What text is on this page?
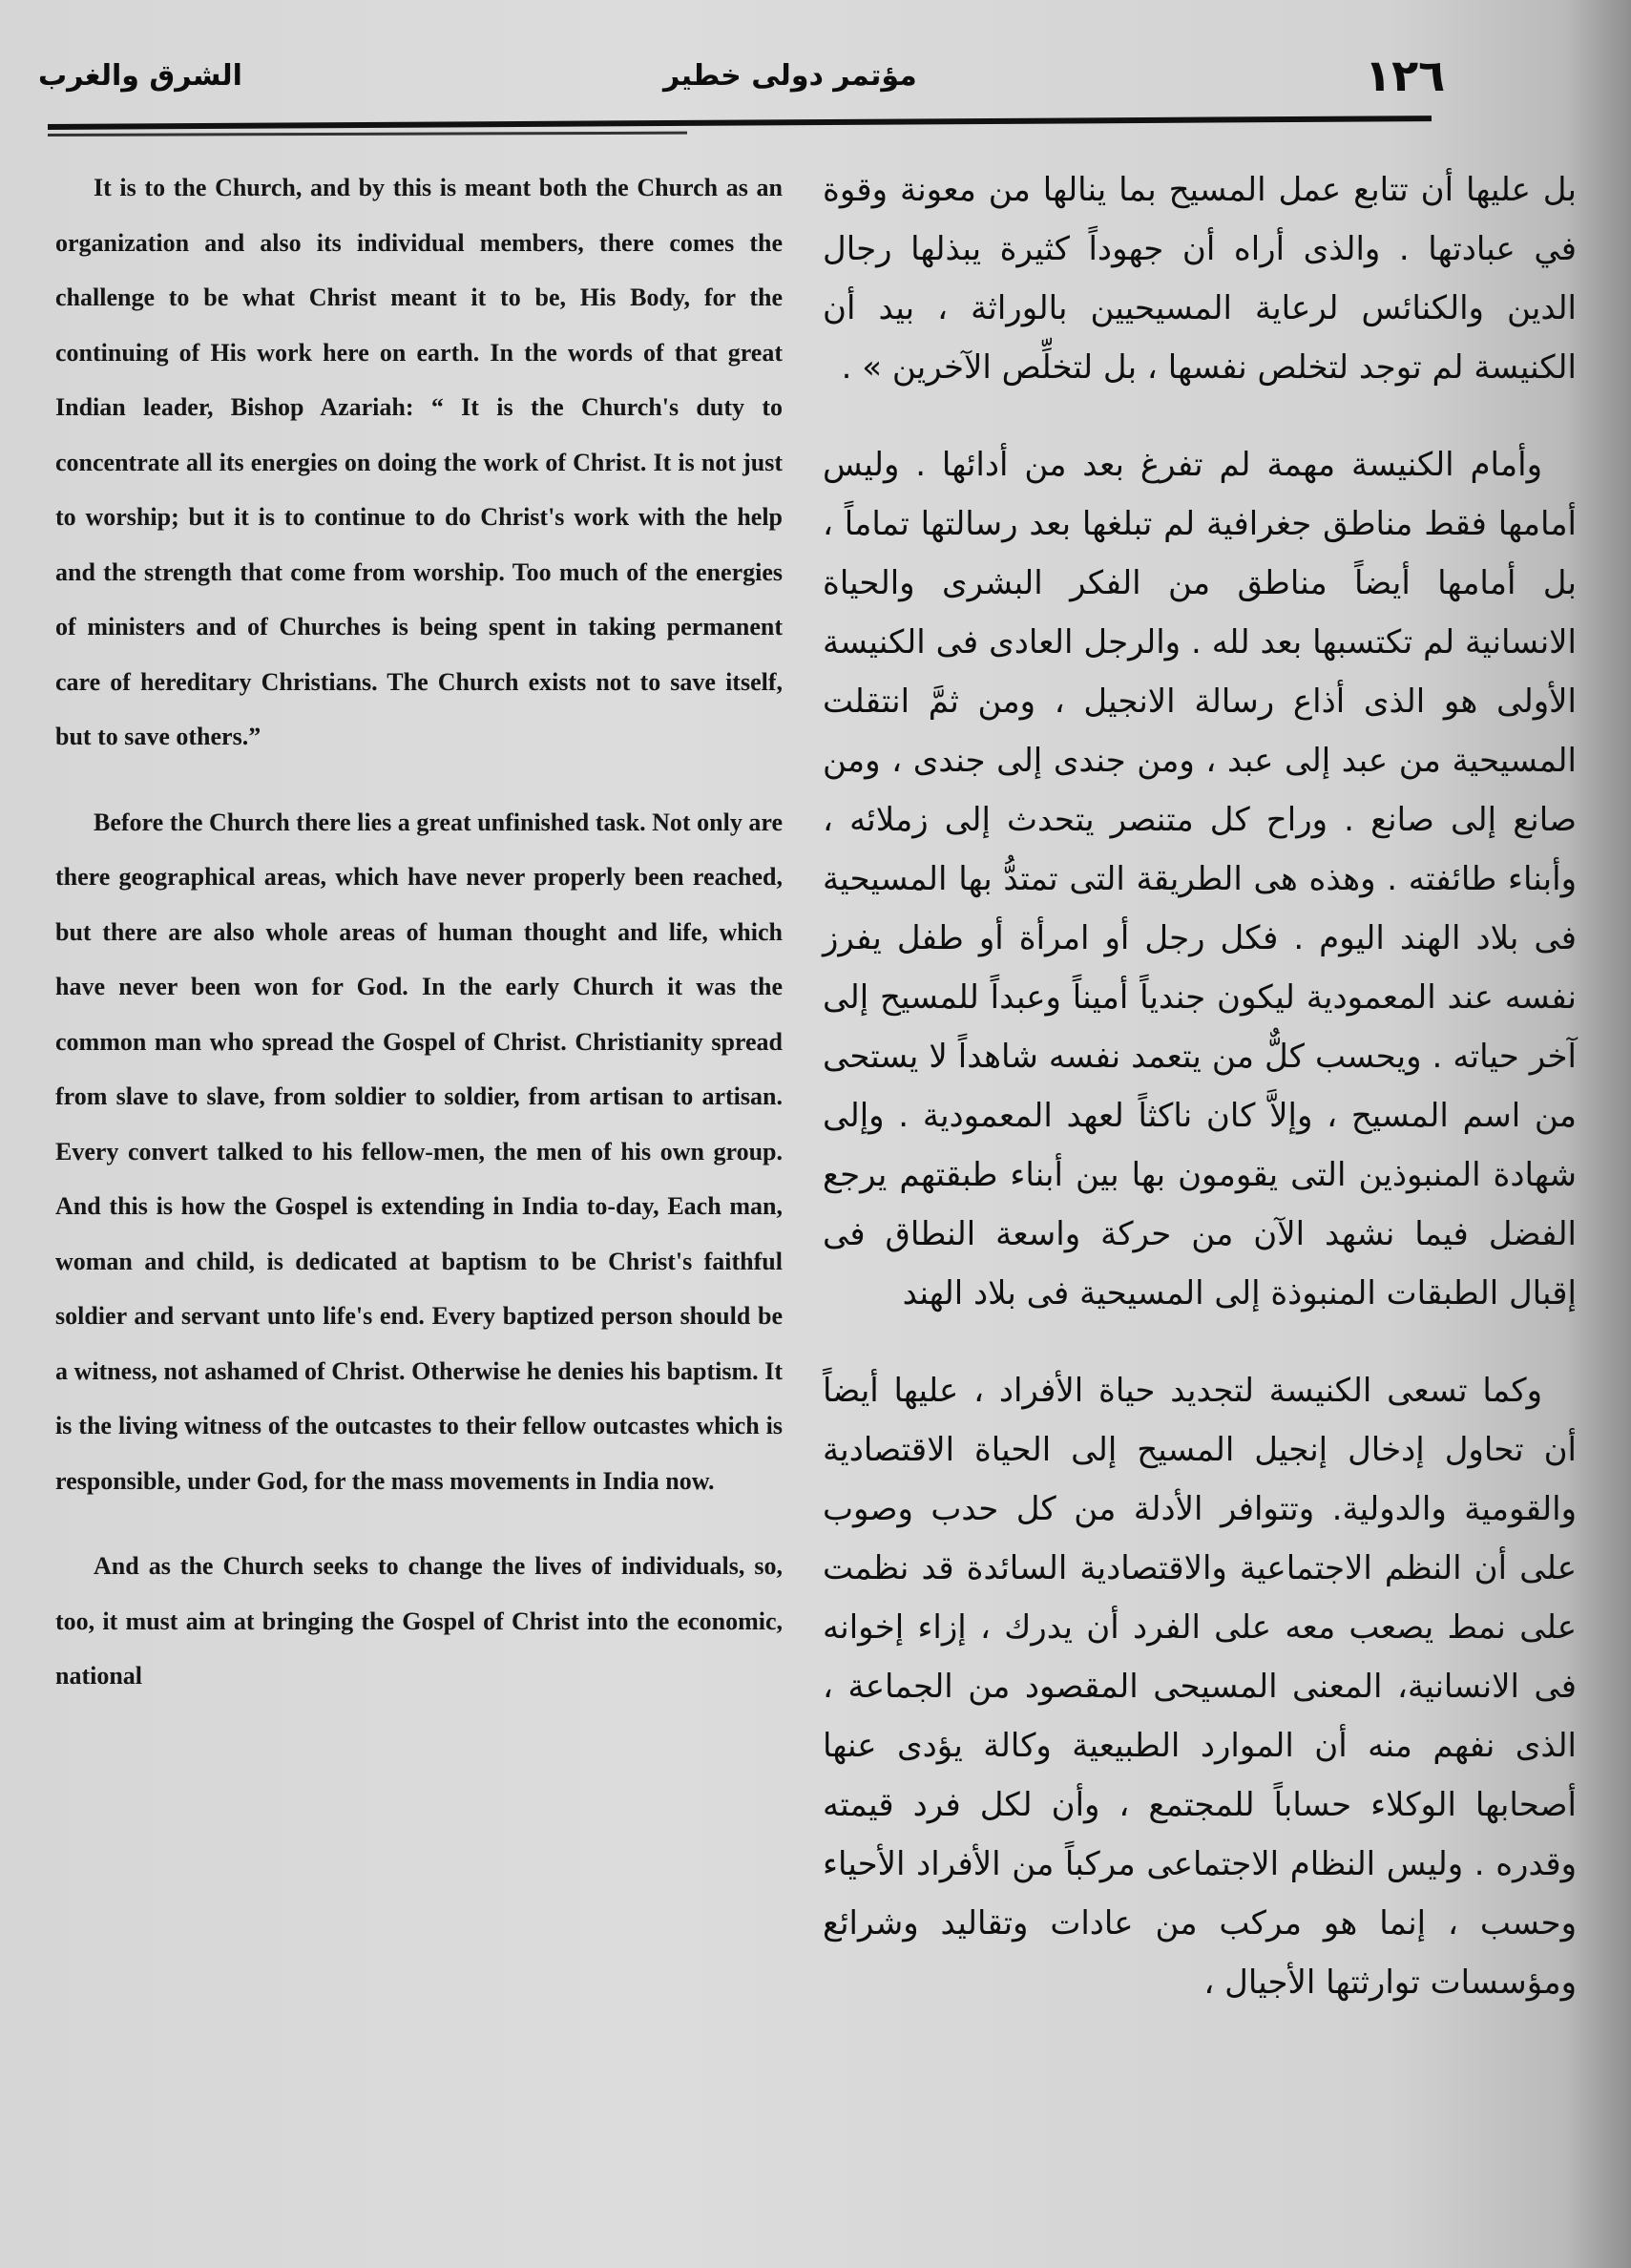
الشرق والغرب	مؤتمر دولى خطير	١٢٦

It is to the Church, and by this is meant both the Church as an organization and also its individual members, there comes the challenge to be what Christ meant it to be, His Body, for the continuing of His work here on earth. In the words of that great Indian leader, Bishop Azariah: “ It is the Church's duty to concentrate all its energies on doing the work of Christ. It is not just to worship; but it is to continue to do Christ's work with the help and the strength that come from worship. Too much of the energies of ministers and of Churches is being spent in taking permanent care of hereditary Christians. The Church exists not to save itself, but to save others.”

Before the Church there lies a great unfinished task. Not only are there geographical areas, which have never properly been reached, but there are also whole areas of human thought and life, which have never been won for God. In the early Church it was the common man who spread the Gospel of Christ. Christianity spread from slave to slave, from soldier to soldier, from artisan to artisan. Every convert talked to his fellow-men, the men of his own group. And this is how the Gospel is extending in India to-day, Each man, woman and child, is dedicated at baptism to be Christ's faithful soldier and servant unto life's end. Every baptized person should be a witness, not ashamed of Christ. Otherwise he denies his baptism. It is the living witness of the outcastes to their fellow outcastes which is responsible, under God, for the mass movements in India now.

And as the Church seeks to change the lives of individuals, so, too, it must aim at bringing the Gospel of Christ into the economic, national

بل عليها أن تتابع عمل المسيح بما ينالها من معونة وقوة في عبادتها . والذى أراه أن جهوداً كثيرة يبذلها رجال الدين والكنائس لرعاية المسيحيين بالوراثة ، بيد أن الكنيسة لم توجد لتخلص نفسها ، بل لتخلِّص الآخرين » .

وأمام الكنيسة مهمة لم تفرغ بعد من أدائها . وليس أمامها فقط مناطق جغرافية لم تبلغها بعد رسالتها تماماً ، بل أمامها أيضاً مناطق من الفكر البشرى والحياة الانسانية لم تكتسبها بعد لله . والرجل العادى فى الكنيسة الأولى هو الذى أذاع رسالة الانجيل ، ومن ثمَّ انتقلت المسيحية من عبد إلى عبد ، ومن جندى إلى جندى ، ومن صانع إلى صانع . وراح كل متنصر يتحدث إلى زملائه ، وأبناء طائفته . وهذه هى الطريقة التى تمتدُّ بها المسيحية فى بلاد الهند اليوم . فكل رجل أو امرأة أو طفل يفرز نفسه عند المعمودية ليكون جندياً أميناً وعبداً للمسيح إلى آخر حياته . ويحسب كلٌّ من يتعمد نفسه شاهداً لا يستحى من اسم المسيح ، وإلاَّ كان ناكثاً لعهد المعمودية . وإلى شهادة المنبوذين التى يقومون بها بين أبناء طبقتهم يرجع الفضل فيما نشهد الآن من حركة واسعة النطاق فى إقبال الطبقات المنبوذة إلى المسيحية فى بلاد الهند

وكما تسعى الكنيسة لتجديد حياة الأفراد ، عليها أيضاً أن تحاول إدخال إنجيل المسيح إلى الحياة الاقتصادية والقومية والدولية. وتتوافر الأدلة من كل حدب وصوب على أن النظم الاجتماعية والاقتصادية السائدة قد نظمت على نمط يصعب معه على الفرد أن يدرك ، إزاء إخوانه فى الانسانية، المعنى المسيحى المقصود من الجماعة ، الذى نفهم منه أن الموارد الطبيعية وكالة يؤدى عنها أصحابها الوكلاء حساباً للمجتمع ، وأن لكل فرد قيمته وقدره . وليس النظام الاجتماعى مركباً من الأفراد الأحياء وحسب ، إنما هو مركب من عادات وتقاليد وشرائع ومؤسسات توارثتها الأجيال ،
